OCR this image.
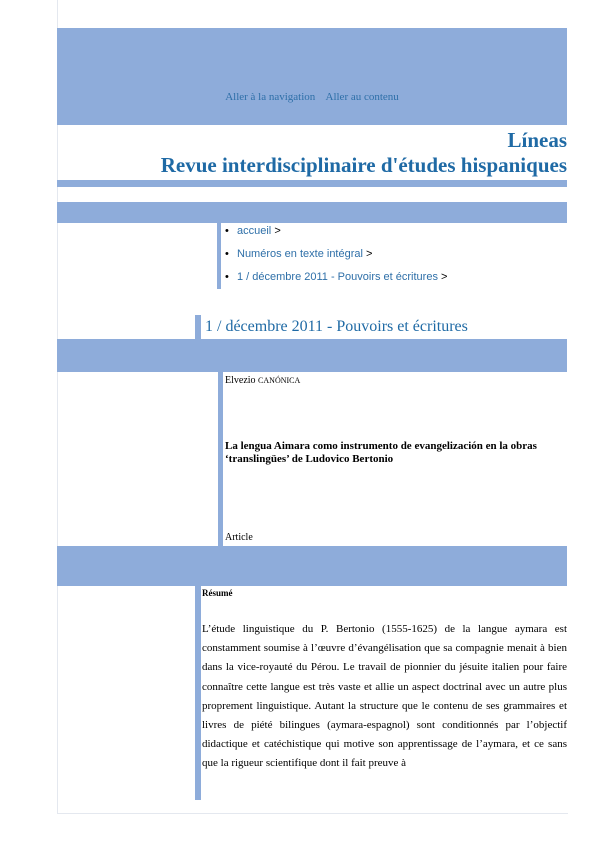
Aller à la navigation | Aller au contenu
Líneas
Revue interdisciplinaire d'études hispaniques
• accueil >
• Numéros en texte intégral >
• 1 / décembre 2011 - Pouvoirs et écritures >
1 / décembre 2011 - Pouvoirs et écritures
Elvezio CANÓNICA
La lengua Aimara como instrumento de evangelización en la obras ‘translingües’ de Ludovico Bertonio
Article
Résumé
L’étude linguistique du P. Bertonio (1555-1625) de la langue aymara est constamment soumise à l’œuvre d’évangélisation que sa compagnie menait à bien dans la vice-royauté du Pérou. Le travail de pionnier du jésuite italien pour faire connaître cette langue est très vaste et allie un aspect doctrinal avec un autre plus proprement linguistique. Autant la structure que le contenu de ses grammaires et livres de piété bilingues (aymara-espagnol) sont conditionnés par l’objectif didactique et catéchistique qui motive son apprentissage de l’aymara, et ce sans que la rigueur scientifique dont il fait preuve à
